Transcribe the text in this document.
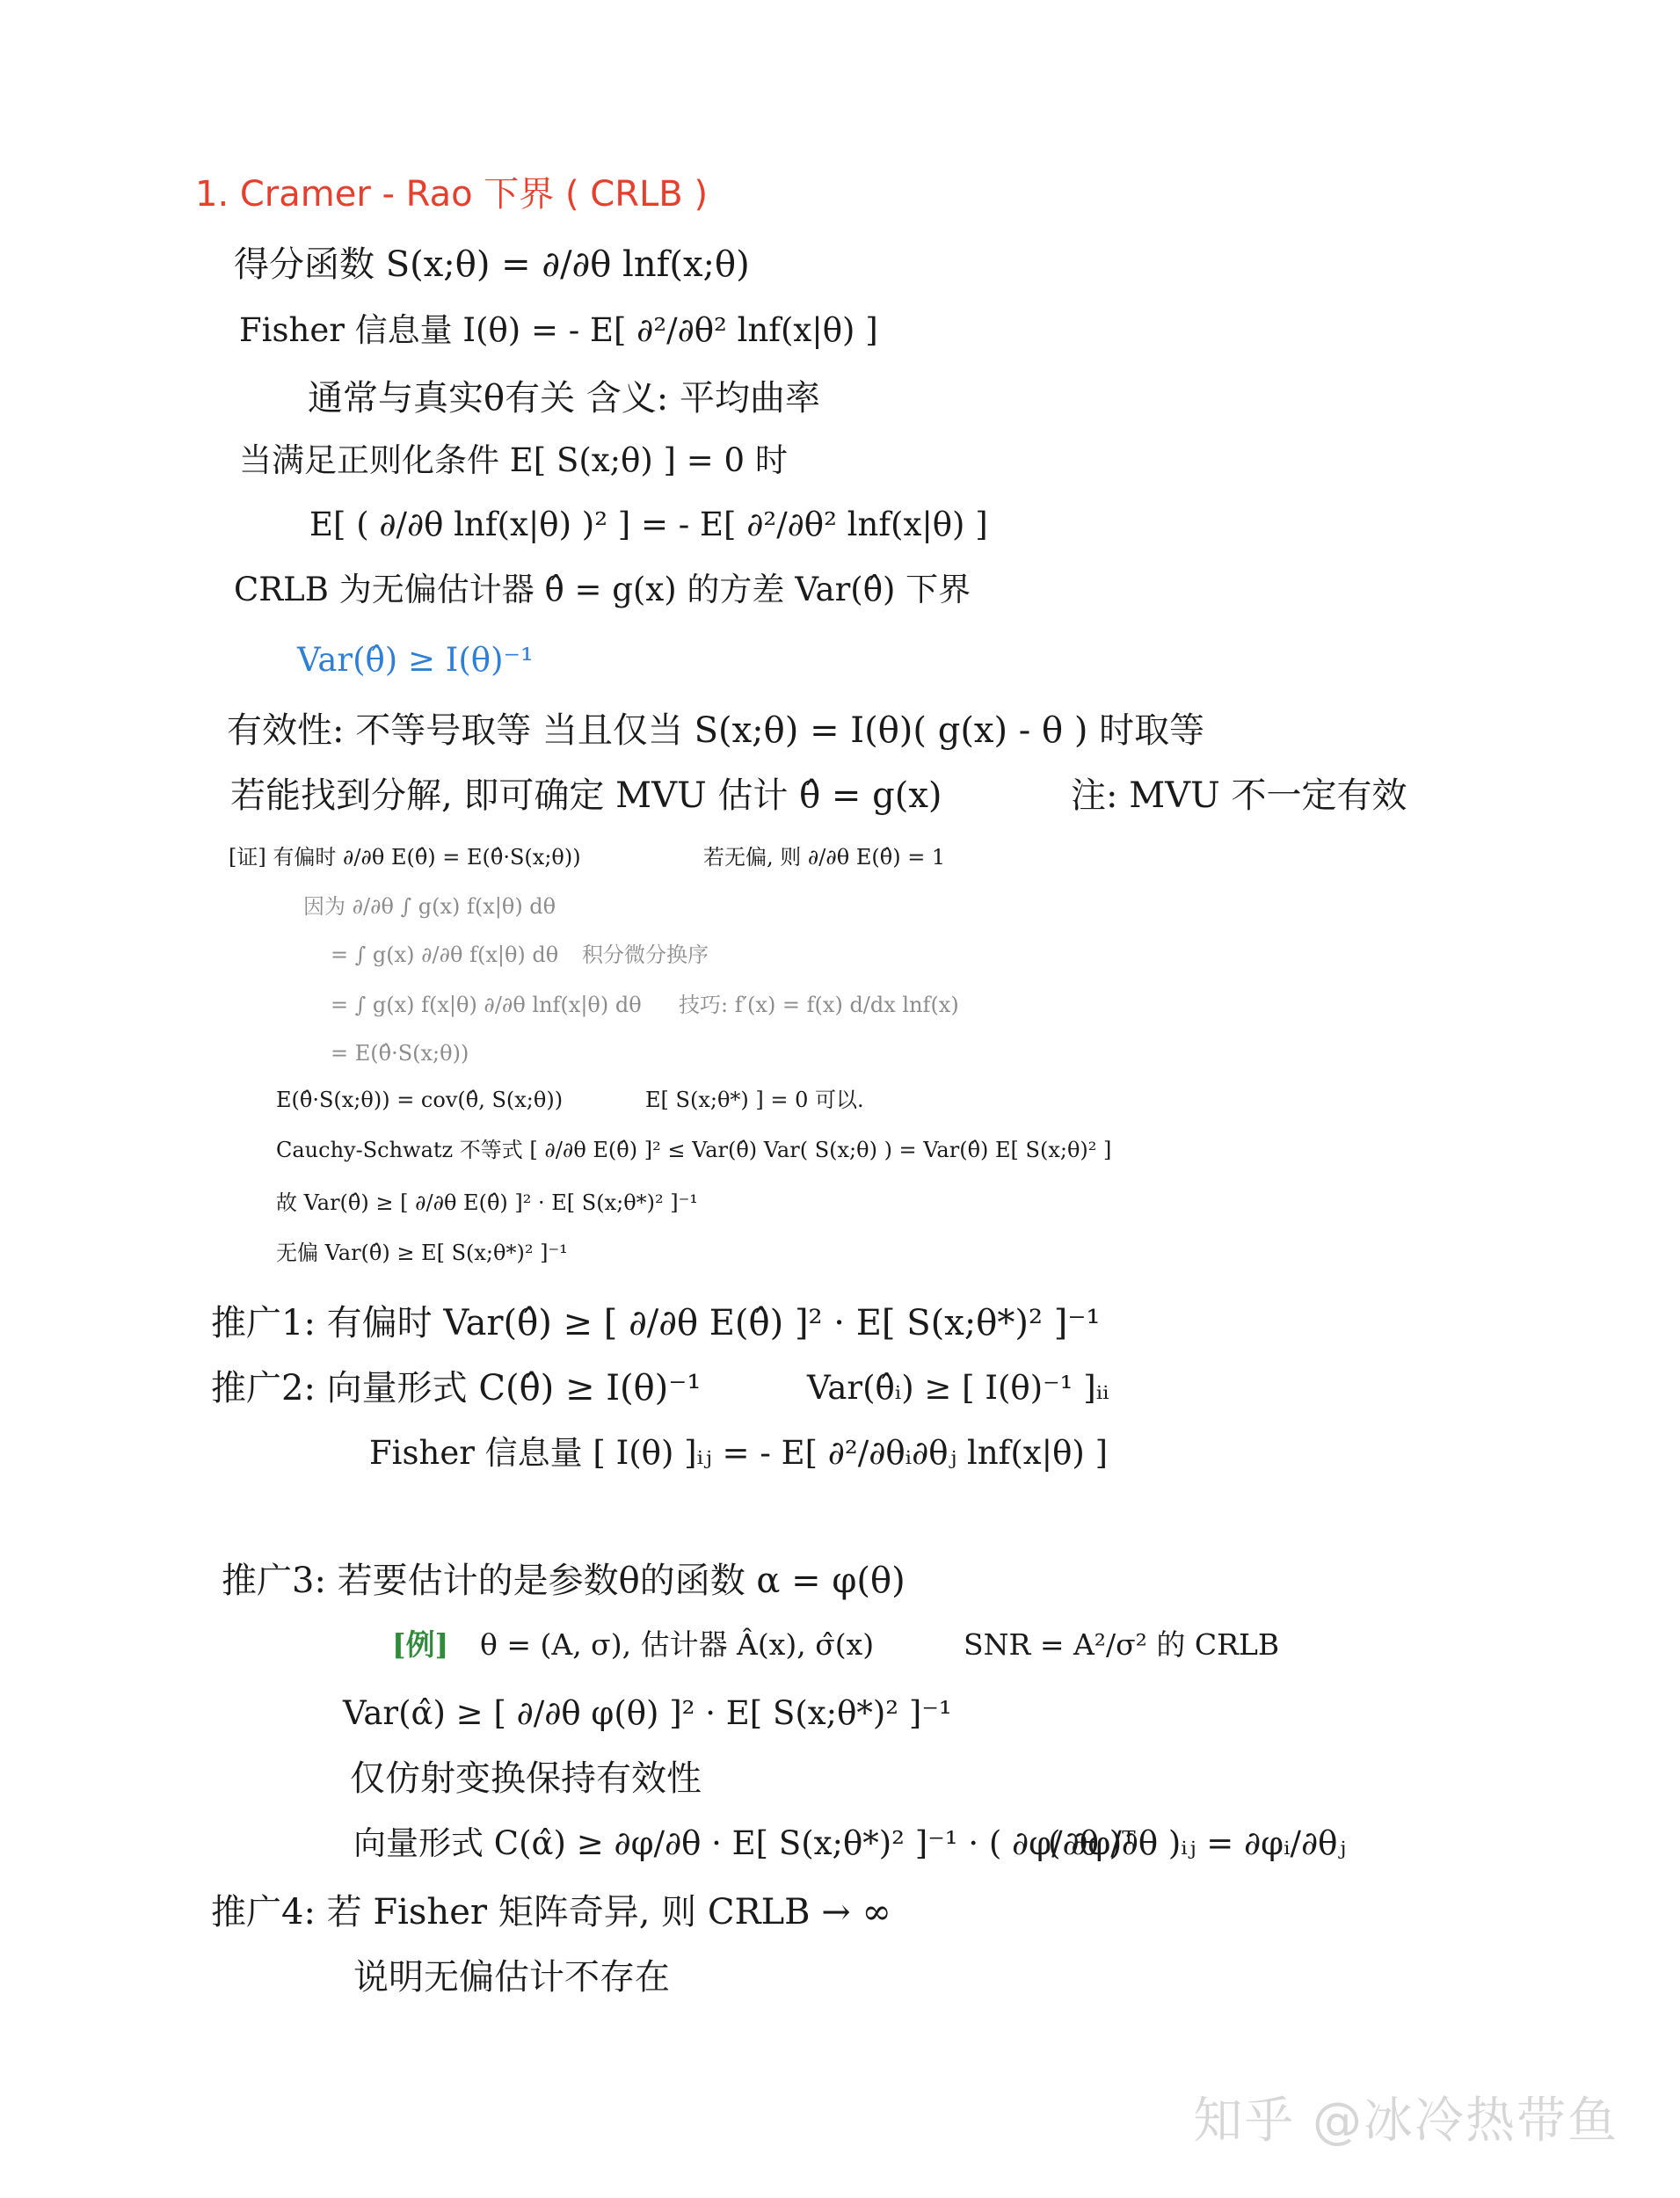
1. Cramer - Rao 下界 ( CRLB )
得分函数 S(x;θ) = ∂/∂θ lnf(x;θ)
Fisher 信息量 I(θ) = - E[ ∂²/∂θ² lnf(x|θ) ]
通常与真实θ有关 含义: 平均曲率
当满足正则化条件 E[ S(x;θ) ] = 0 时
E[ ( ∂/∂θ lnf(x|θ) )² ] = - E[ ∂²/∂θ² lnf(x|θ) ]
CRLB 为无偏估计器 θ̂ = g(x) 的方差 Var(θ̂) 下界
Var(θ̂) ≥ I(θ)⁻¹
有效性: 不等号取等 当且仅当 S(x;θ) = I(θ)( g(x) - θ ) 时取等
若能找到分解, 即可确定 MVU 估计 θ̂ = g(x)	注: MVU 不一定有效
[证] 有偏时 ∂/∂θ E(θ̂) = E(θ̂·S(x;θ))	若无偏, 则 ∂/∂θ E(θ̂) = 1
因为 ∂/∂θ ∫ g(x) f(x|θ) dθ
= ∫ g(x) ∂/∂θ f(x|θ) dθ 积分微分换序
= ∫ g(x) f(x|θ) ∂/∂θ lnf(x|θ) dθ 技巧: f′(x) = f(x) d/dx lnf(x)
= E(θ̂·S(x;θ))
E(θ̂·S(x;θ)) = cov(θ̂, S(x;θ))	E[ S(x;θ*) ] = 0 可以.
Cauchy-Schwatz 不等式 [ ∂/∂θ E(θ̂) ]² ≤ Var(θ̂) Var( S(x;θ) ) = Var(θ̂) E[ S(x;θ)² ]
故 Var(θ̂) ≥ [ ∂/∂θ E(θ̂) ]² · E[ S(x;θ*)² ]⁻¹
无偏 Var(θ̂) ≥ E[ S(x;θ*)² ]⁻¹
推广1: 有偏时 Var(θ̂) ≥ [ ∂/∂θ E(θ̂) ]² · E[ S(x;θ*)² ]⁻¹
推广2: 向量形式 C(θ̂) ≥ I(θ)⁻¹	Var(θ̂ᵢ) ≥ [ I(θ)⁻¹ ]ᵢᵢ
Fisher 信息量 [ I(θ) ]ᵢⱼ = - E[ ∂²/∂θᵢ∂θⱼ lnf(x|θ) ]
推广3: 若要估计的是参数θ的函数 α = φ(θ)
[例] θ = (A, σ), 估计器 Â(x), σ̂(x)	SNR = A²/σ² 的 CRLB
Var(α̂) ≥ [ ∂/∂θ φ(θ) ]² · E[ S(x;θ*)² ]⁻¹
仅仿射变换保持有效性
向量形式 C(α̂) ≥ ∂φ/∂θ · E[ S(x;θ*)² ]⁻¹ · ( ∂φ/∂θ )ᵀ
( ∂φ/∂θ )ᵢⱼ = ∂φᵢ/∂θⱼ
推广4: 若 Fisher 矩阵奇异, 则 CRLB → ∞
说明无偏估计不存在
知乎 @冰冷热带鱼
